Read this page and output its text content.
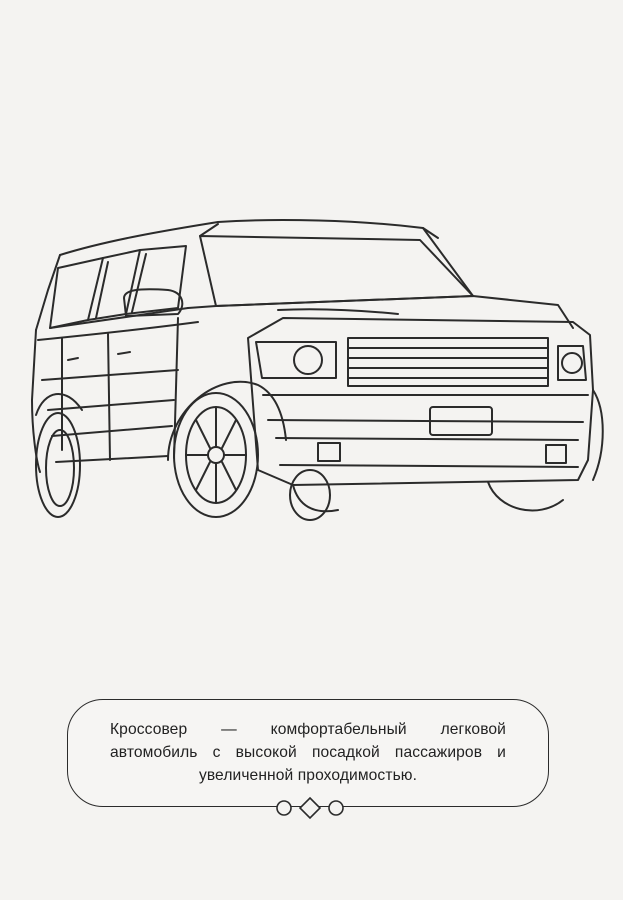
Кроссовер — комфортабельный легковой автомобиль с высокой посадкой пассажиров и увеличенной проходимостью.
